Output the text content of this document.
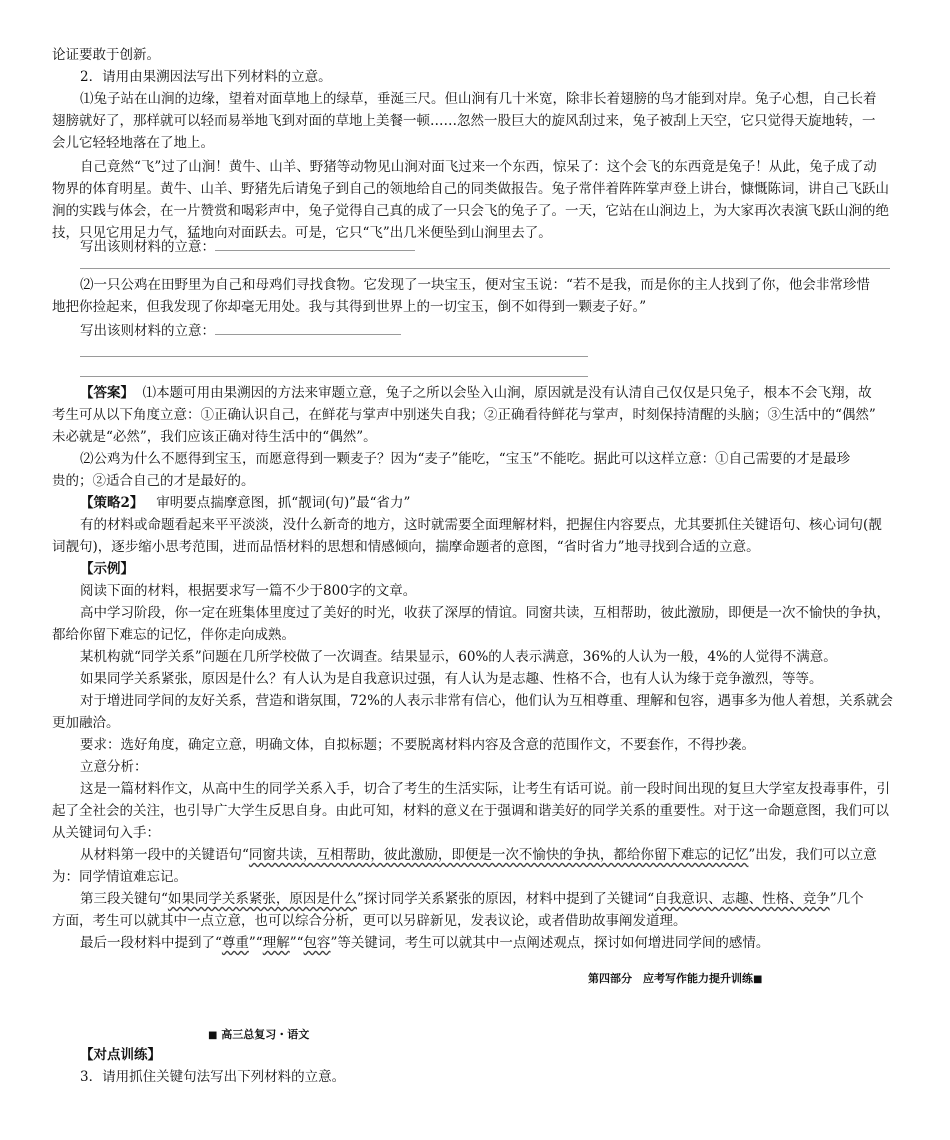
论证要敢于创新。
2．请用由果溯因法写出下列材料的立意。
⑴兔子站在山涧的边缘，望着对面草地上的绿草，垂涎三尺。但山涧有几十米宽，除非长着翅膀的鸟才能到对岸。兔子心想，自己长着
翅膀就好了，那样就可以轻而易举地飞到对面的草地上美餐一顿……忽然一股巨大的旋风刮过来，兔子被刮上天空，它只觉得天旋地转，一
会儿它轻轻地落在了地上。
自己竟然“飞”过了山涧！黄牛、山羊、野猪等动物见山涧对面飞过来一个东西，惊呆了：这个会飞的东西竟是兔子！从此，兔子成了动
物界的体育明星。黄牛、山羊、野猪先后请兔子到自己的领地给自己的同类做报告。兔子常伴着阵阵掌声登上讲台，慷慨陈词，讲自己飞跃山
涧的实践与体会，在一片赞赏和喝彩声中，兔子觉得自己真的成了一只会飞的兔子了。一天，它站在山涧边上，为大家再次表演飞跃山涧的绝
技，只见它用足力气，猛地向对面跃去。可是，它只“飞”出几米便坠到山涧里去了。
写出该则材料的立意：
⑵一只公鸡在田野里为自己和母鸡们寻找食物。它发现了一块宝玉，便对宝玉说：“若不是我，而是你的主人找到了你，他会非常珍惜
地把你捡起来，但我发现了你却毫无用处。我与其得到世界上的一切宝玉，倒不如得到一颗麦子好。”
写出该则材料的立意：
【答案】 ⑴本题可用由果溯因的方法来审题立意，兔子之所以会坠入山涧，原因就是没有认清自己仅仅是只兔子，根本不会飞翔，故
考生可从以下角度立意：①正确认识自己，在鲜花与掌声中别迷失自我；②正确看待鲜花与掌声，时刻保持清醒的头脑；③生活中的“偶然”
未必就是“必然”，我们应该正确对待生活中的“偶然”。
⑵公鸡为什么不愿得到宝玉，而愿意得到一颗麦子？因为“麦子”能吃，“宝玉”不能吃。据此可以这样立意：①自己需要的才是最珍
贵的；②适合自己的才是最好的。
【策略2】 审明要点揣摩意图，抓“靓词(句)”最“省力”
有的材料或命题看起来平平淡淡，没什么新奇的地方，这时就需要全面理解材料，把握住内容要点，尤其要抓住关键语句、核心词句(靓
词靓句)，逐步缩小思考范围，进而品悟材料的思想和情感倾向，揣摩命题者的意图，“省时省力”地寻找到合适的立意。
【示例】
阅读下面的材料，根据要求写一篇不少于800字的文章。
高中学习阶段，你一定在班集体里度过了美好的时光，收获了深厚的情谊。同窗共读，互相帮助，彼此激励，即便是一次不愉快的争执，
都给你留下难忘的记忆，伴你走向成熟。
某机构就“同学关系”问题在几所学校做了一次调查。结果显示，60%的人表示满意，36%的人认为一般，4%的人觉得不满意。
如果同学关系紧张，原因是什么？有人认为是自我意识过强，有人认为是志趣、性格不合，也有人认为缘于竞争激烈，等等。
对于增进同学间的友好关系，营造和谐氛围，72%的人表示非常有信心，他们认为互相尊重、理解和包容，遇事多为他人着想，关系就会
更加融洽。
要求：选好角度，确定立意，明确文体，自拟标题；不要脱离材料内容及含意的范围作文，不要套作，不得抄袭。
立意分析：
这是一篇材料作文，从高中生的同学关系入手，切合了考生的生活实际，让考生有话可说。前一段时间出现的复旦大学室友投毒事件，引
起了全社会的关注，也引导广大学生反思自身。由此可知，材料的意义在于强调和谐美好的同学关系的重要性。对于这一命题意图，我们可以
从关键词句入手：
从材料第一段中的关键语句“同窗共读，互相帮助，彼此激励，即便是一次不愉快的争执，都给你留下难忘的记忆”出发，我们可以立意
为：同学情谊难忘记。
第三段关键句“如果同学关系紧张，原因是什么”探讨同学关系紧张的原因，材料中提到了关键词“自我意识、志趣、性格、竞争”几个
方面，考生可以就其中一点立意，也可以综合分析，更可以另辟新见，发表议论，或者借助故事阐发道理。
最后一段材料中提到了“尊重”“理解”“包容”等关键词，考生可以就其中一点阐述观点，探讨如何增进同学间的感情。
第四部分　应考写作能力提升训练■
■ 高三总复习・语文
【对点训练】
3．请用抓住关键句法写出下列材料的立意。
